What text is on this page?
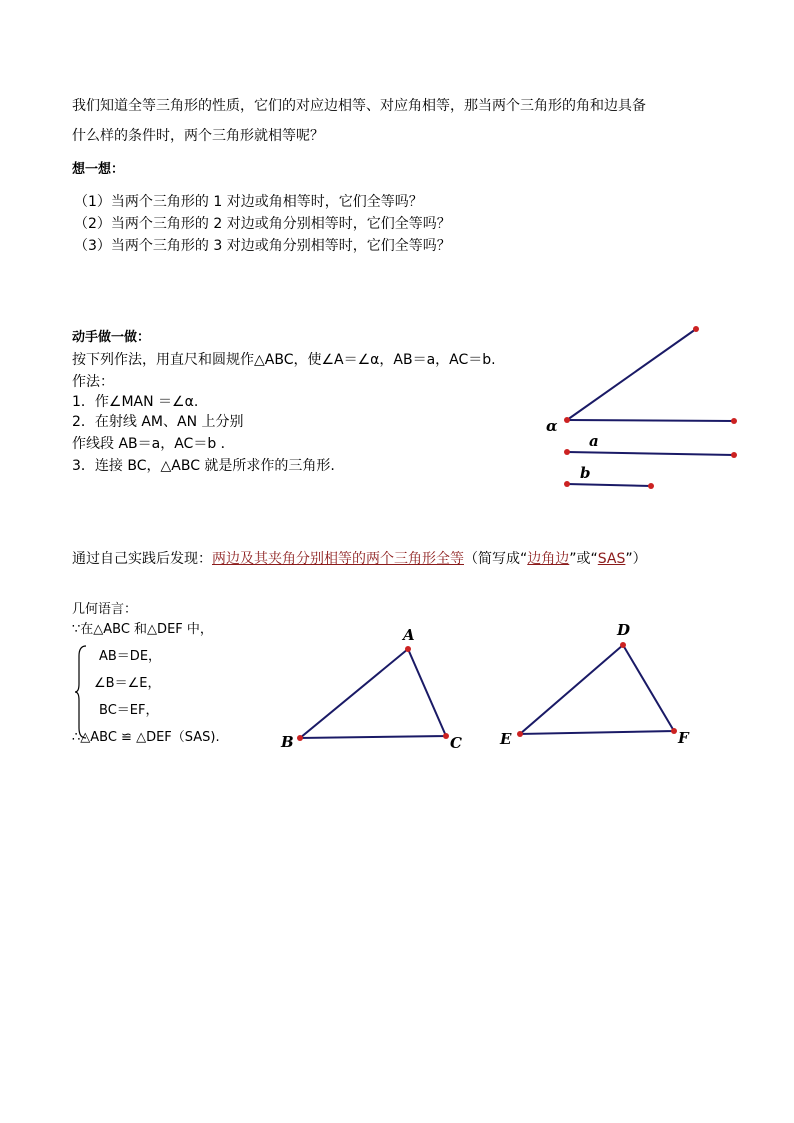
我们知道全等三角形的性质，它们的对应边相等、对应角相等，那当两个三角形的角和边具备
什么样的条件时，两个三角形就相等呢？
想一想：
（1）当两个三角形的 1 对边或角相等时，它们全等吗？
（2）当两个三角形的 2 对边或角分别相等时，它们全等吗？
（3）当两个三角形的 3 对边或角分别相等时，它们全等吗？
动手做一做：
按下列作法，用直尺和圆规作△ABC，使∠A＝∠α，AB＝a，AC＝b.
作法：
1．作∠MAN ＝∠α.
2．在射线 AM、AN 上分别
作线段 AB＝a，AC＝b ．
3．连接 BC，△ABC 就是所求作的三角形.
α
a
b
通过自己实践后发现：两边及其夹角分别相等的两个三角形全等（简写成“边角边”或“SAS”）
几何语言：
∵在△ABC 和△DEF 中，
AB＝DE，
∠B＝∠E，
BC＝EF，
∴△ABC ≌ △DEF（SAS).
A
B	C
D
E	F
